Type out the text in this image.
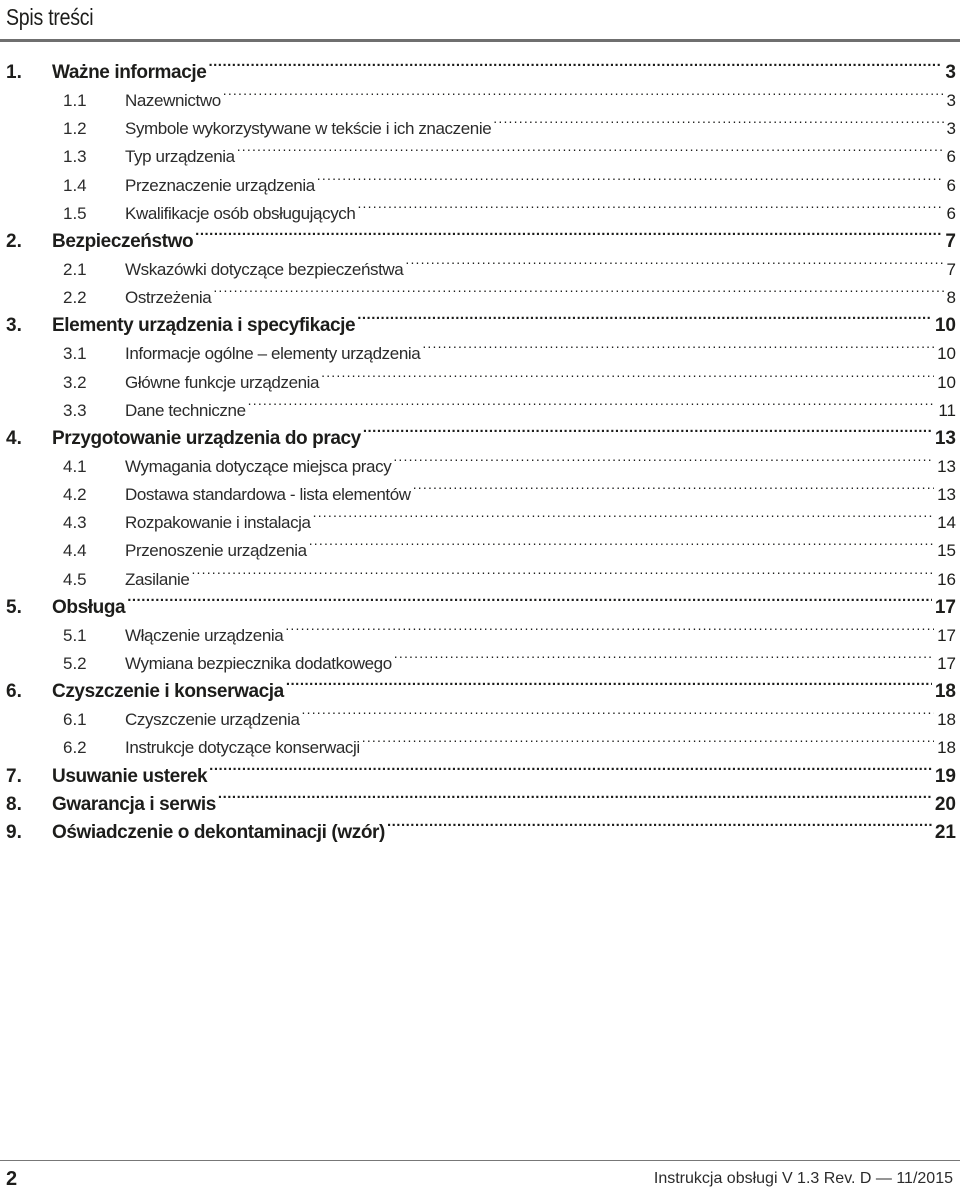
Spis treści
1. Ważne informacje .....	3
1.1 Nazewnictwo .....	3
1.2 Symbole wykorzystywane w tekście i ich znaczenie .....	3
1.3 Typ urządzenia .....	6
1.4 Przeznaczenie urządzenia .....	6
1.5 Kwalifikacje osób obsługujących .....	6
2. Bezpieczeństwo .....	7
2.1 Wskazówki dotyczące bezpieczeństwa .....	7
2.2 Ostrzeżenia .....	8
3. Elementy urządzenia i specyfikacje .....	10
3.1 Informacje ogólne – elementy urządzenia .....	10
3.2 Główne funkcje urządzenia .....	10
3.3 Dane techniczne .....	11
4. Przygotowanie urządzenia do pracy .....	13
4.1 Wymagania dotyczące miejsca pracy .....	13
4.2 Dostawa standardowa - lista elementów .....	13
4.3 Rozpakowanie i instalacja .....	14
4.4 Przenoszenie urządzenia .....	15
4.5 Zasilanie .....	16
5. Obsługa .....	17
5.1 Włączenie urządzenia .....	17
5.2 Wymiana bezpiecznika dodatkowego .....	17
6. Czyszczenie i konserwacja .....	18
6.1 Czyszczenie urządzenia .....	18
6.2 Instrukcje dotyczące konserwacji .....	18
7. Usuwanie usterek .....	19
8. Gwarancja i serwis .....	20
9. Oświadczenie o dekontaminacji (wzór) .....	21
2	Instrukcja obsługi V 1.3 Rev. D — 11/2015
